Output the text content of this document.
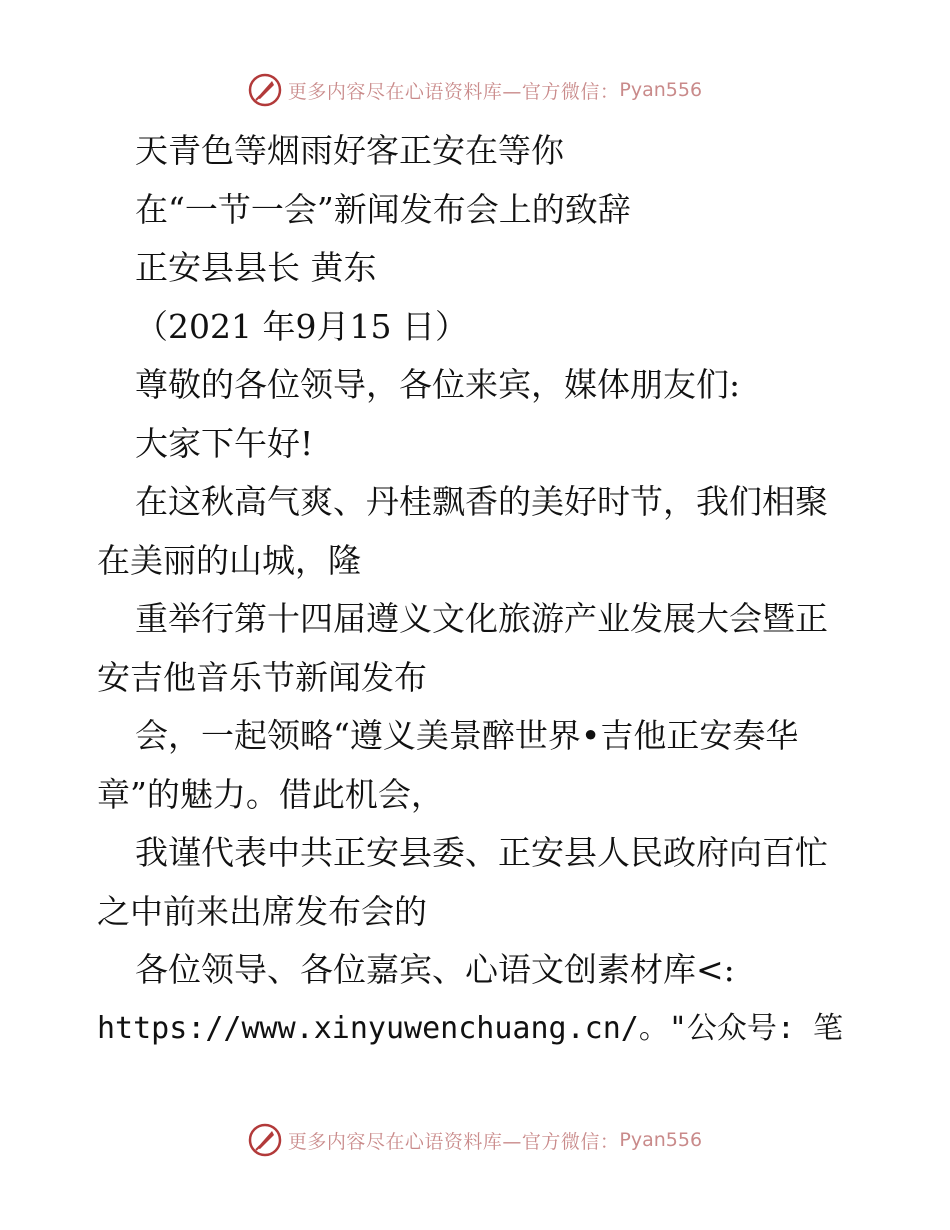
更多内容尽在心语资料库—官方微信： Pyan556
天青色等烟雨好客正安在等你
在“一节一会”新闻发布会上的致辞
正安县县长 黄东
（2021 年9月15 日）
尊敬的各位领导，各位来宾，媒体朋友们:
大家下午好!
在这秋高气爽、丹桂飘香的美好时节，我们相聚
在美丽的山城，隆
重举行第十四届遵义文化旅游产业发展大会暨正
安吉他音乐节新闻发布
会，一起领略“遵义美景醉世界•吉他正安奏华
章”的魅力。借此机会，
我谨代表中共正安县委、正安县人民政府向百忙
之中前来出席发布会的
各位领导、各位嘉宾、心语文创素材库<:
https://www.xinyuwenchuang.cn/。"公众号: 笔
更多内容尽在心语资料库—官方微信： Pyan556
